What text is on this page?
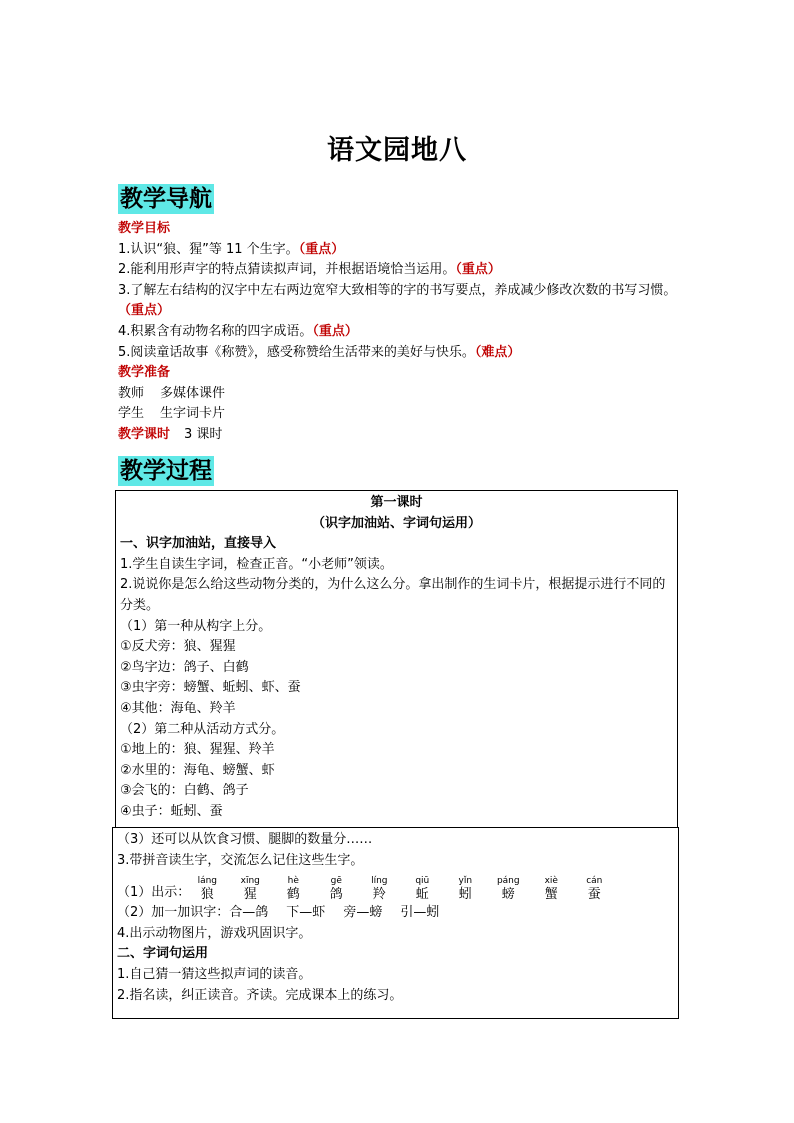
语文园地八
教学导航
教学目标
1.认识“狼、猩”等 11 个生字。（重点）
2.能利用形声字的特点猜读拟声词，并根据语境恰当运用。（重点）
3.了解左右结构的汉字中左右两边宽窄大致相等的字的书写要点，养成减少修改次数的书写习惯。（重点）
4.积累含有动物名称的四字成语。（重点）
5.阅读童话故事《称赞》，感受称赞给生活带来的美好与快乐。（难点）
教学准备
教师 多媒体课件
学生 生字词卡片
教学课时 3 课时
教学过程
第一课时
（识字加油站、字词句运用）
一、识字加油站，直接导入
1.学生自读生字词，检查正音。“小老师”领读。
2.说说你是怎么给这些动物分类的，为什么这么分。拿出制作的生词卡片，根据提示进行不同的分类。
（1）第一种从构字上分。
①反犬旁：狼、猩猩
②鸟字边：鸽子、白鹤
③虫字旁：螃蟹、蚯蚓、虾、蚕
④其他：海龟、羚羊
（2）第二种从活动方式分。
①地上的：狼、猩猩、羚羊
②水里的：海龟、螃蟹、虾
③会飞的：白鹤、鸽子
④虫子：蚯蚓、蚕
（3）还可以从饮食习惯、腿脚的数量分……
3.带拼音读生字，交流怎么记住这些生字。
（1）出示：
láng
狼
xīng
猩
hè
鹤
gē
鸽
líng
羚
qiū
蚯
yǐn
蚓
páng
螃
xiè
蟹
cán
蚕
（2）加一加识字：合—鸽 下—虾 旁—螃 引—蚓
4.出示动物图片，游戏巩固识字。
二、字词句运用
1.自己猜一猜这些拟声词的读音。
2.指名读，纠正读音。齐读。完成课本上的练习。
